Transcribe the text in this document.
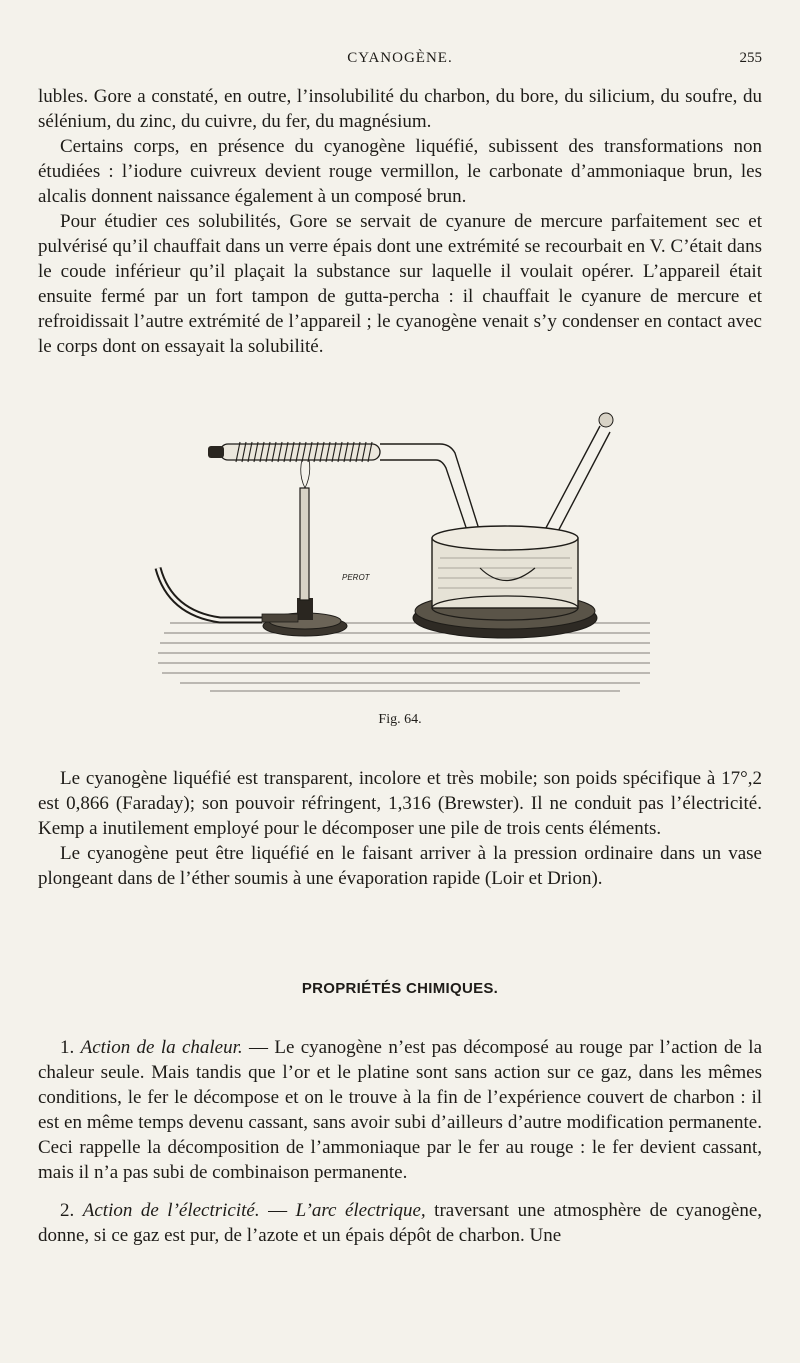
CYANOGÈNE.	255

lubles. Gore a constaté, en outre, l’insolubilité du charbon, du bore, du silicium, du soufre, du sélénium, du zinc, du cuivre, du fer, du magnésium.

Certains corps, en présence du cyanogène liquéfié, subissent des transformations non étudiées : l’iodure cuivreux devient rouge vermillon, le carbonate d’ammoniaque brun, les alcalis donnent naissance également à un composé brun.

Pour étudier ces solubilités, Gore se servait de cyanure de mercure parfaitement sec et pulvérisé qu’il chauffait dans un verre épais dont une extrémité se recourbait en V. C’était dans le coude inférieur qu’il plaçait la substance sur laquelle il voulait opérer. L’appareil était ensuite fermé par un fort tampon de gutta-percha : il chauffait le cyanure de mercure et refroidissait l’autre extrémité de l’appareil ; le cyanogène venait s’y condenser en contact avec le corps dont on essayait la solubilité.

PEROT
Fig. 64.

Le cyanogène liquéfié est transparent, incolore et très mobile; son poids spécifique à 17°,2 est 0,866 (Faraday); son pouvoir réfringent, 1,316 (Brewster). Il ne conduit pas l’électricité. Kemp a inutilement employé pour le décomposer une pile de trois cents éléments.

Le cyanogène peut être liquéfié en le faisant arriver à la pression ordinaire dans un vase plongeant dans de l’éther soumis à une évaporation rapide (Loir et Drion).

PROPRIÉTÉS CHIMIQUES.

1. Action de la chaleur. — Le cyanogène n’est pas décomposé au rouge par l’action de la chaleur seule. Mais tandis que l’or et le platine sont sans action sur ce gaz, dans les mêmes conditions, le fer le décompose et on le trouve à la fin de l’expérience couvert de charbon : il est en même temps devenu cassant, sans avoir subi d’ailleurs d’autre modification permanente. Ceci rappelle la décomposition de l’ammoniaque par le fer au rouge : le fer devient cassant, mais il n’a pas subi de combinaison permanente.

2. Action de l’électricité. — L’arc électrique, traversant une atmosphère de cyanogène, donne, si ce gaz est pur, de l’azote et un épais dépôt de charbon. Une
